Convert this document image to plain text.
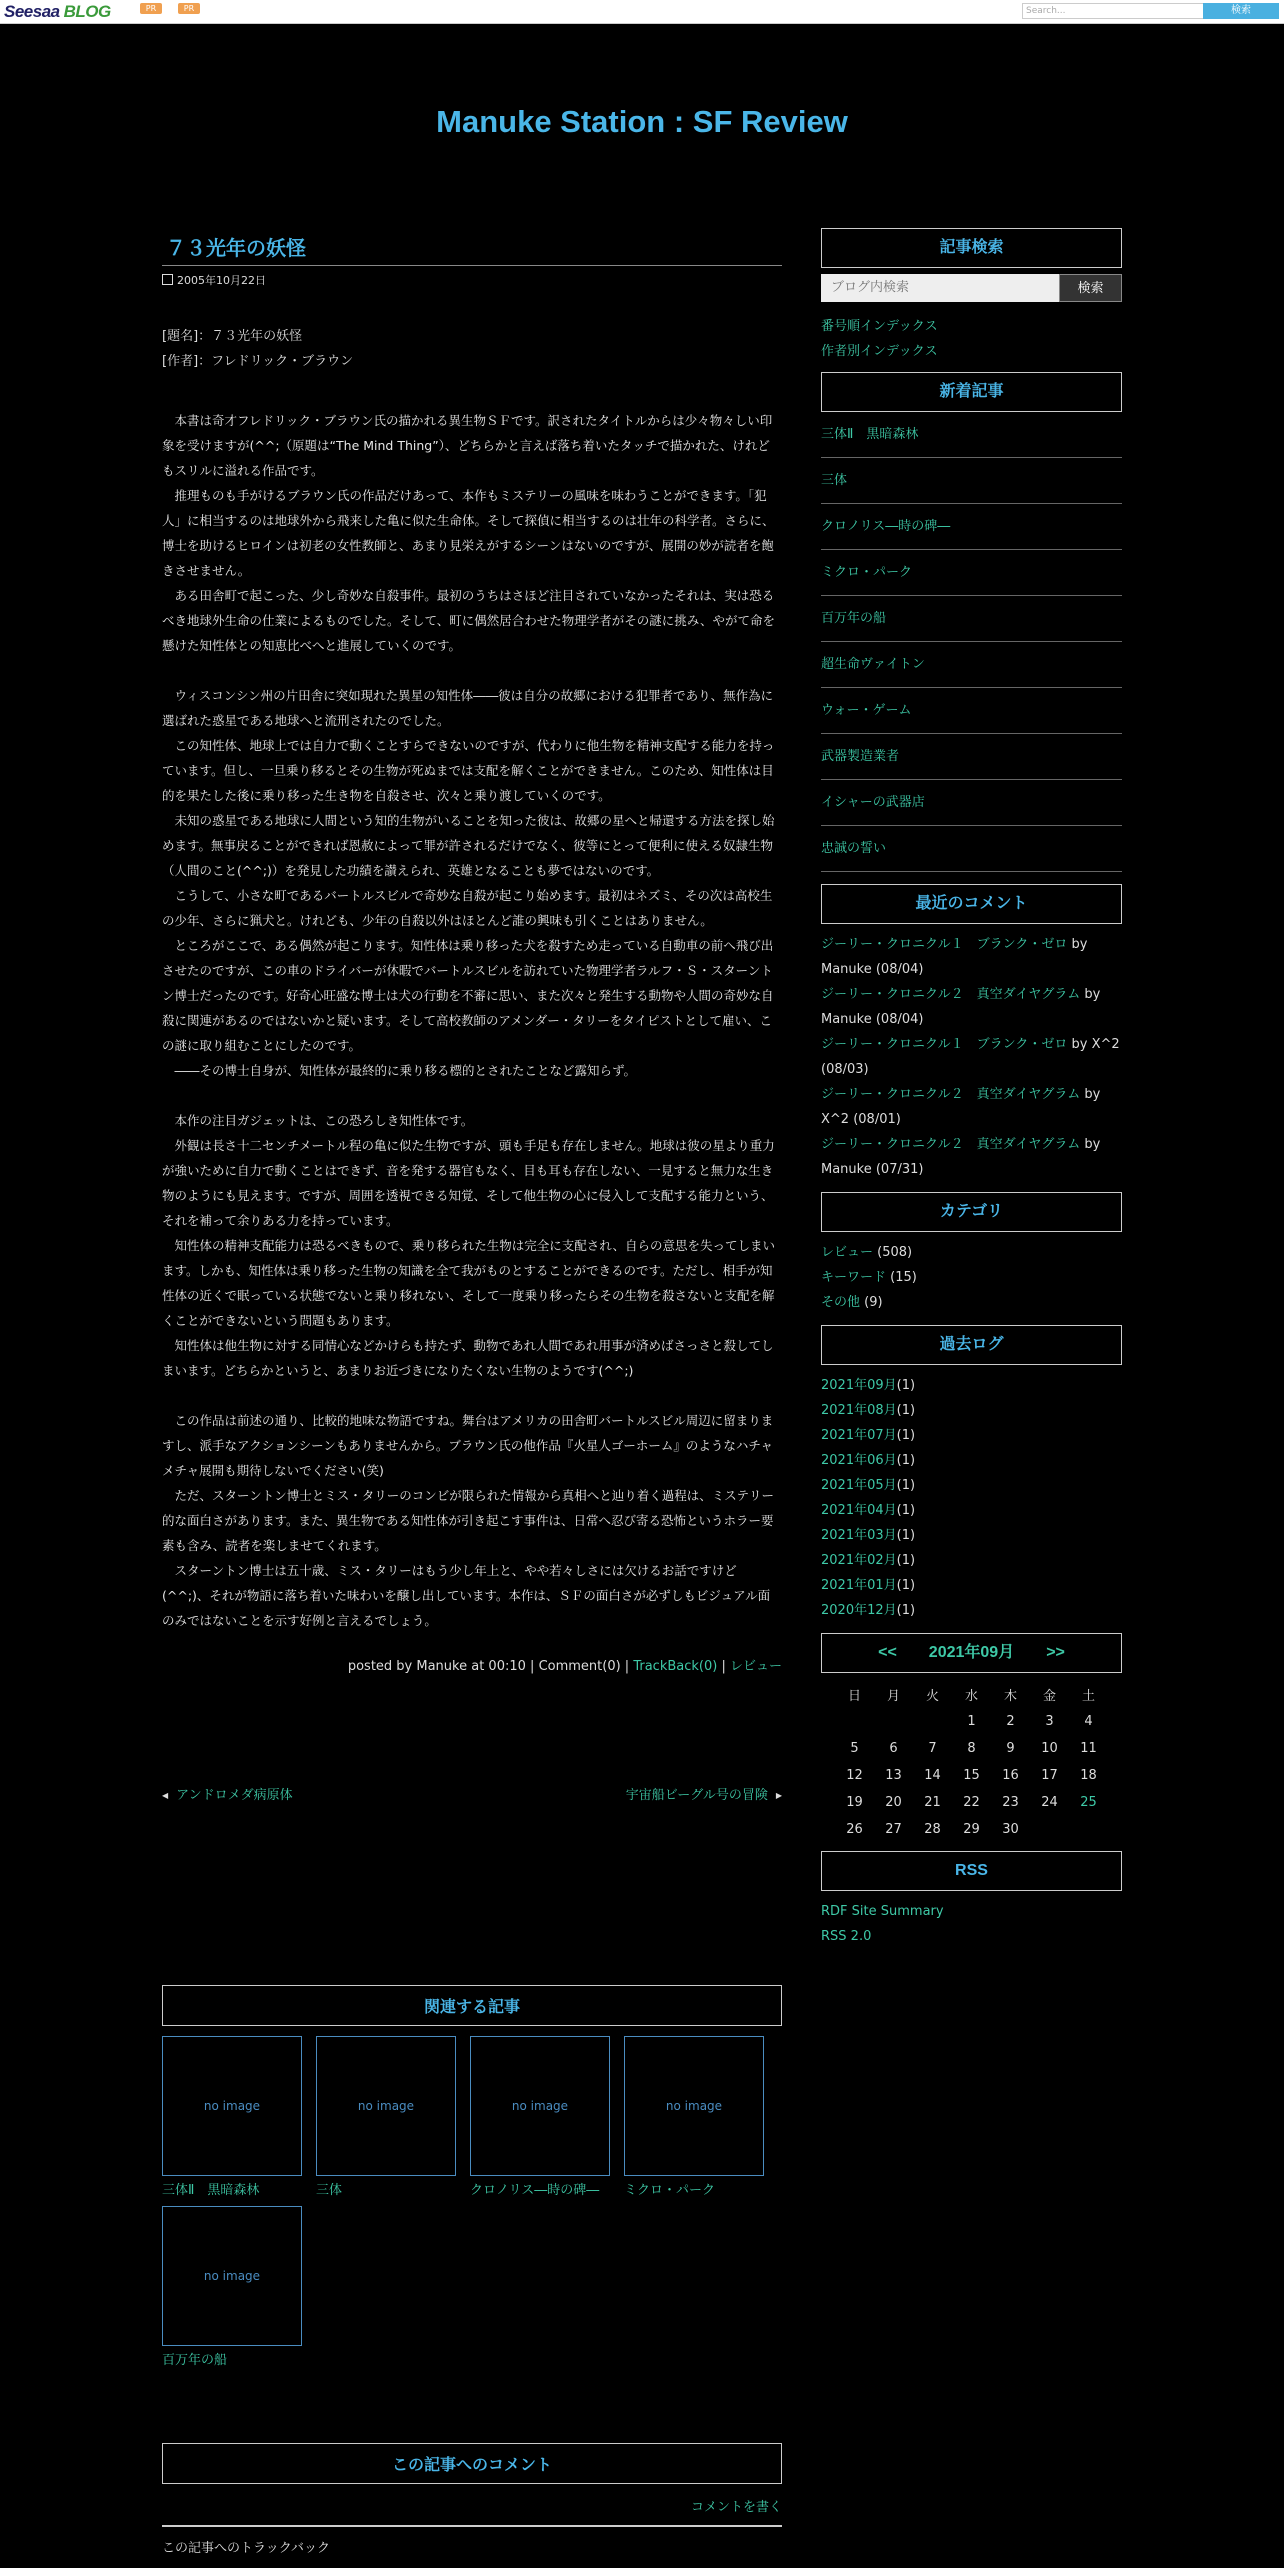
Seesaa BLOG	PR	PR	Search...	検索
Manuke Station : SF Review
７３光年の妖怪
2005年10月22日
[題名]：７３光年の妖怪
[作者]：フレドリック・ブラウン

本書は奇才フレドリック・ブラウン氏の描かれる異生物ＳＦです。訳されたタイトルからは少々物々しい印象を受けますが(^^;（原題は“The Mind Thing”）、どちらかと言えば落ち着いたタッチで描かれた、けれどもスリルに溢れる作品です。

推理ものも手がけるブラウン氏の作品だけあって、本作もミステリーの風味を味わうことができます。「犯人」に相当するのは地球外から飛来した亀に似た生命体。そして探偵に相当するのは壮年の科学者。さらに、博士を助けるヒロインは初老の女性教師と、あまり見栄えがするシーンはないのですが、展開の妙が読者を飽きさせません。

ある田舎町で起こった、少し奇妙な自殺事件。最初のうちはさほど注目されていなかったそれは、実は恐るべき地球外生命の仕業によるものでした。そして、町に偶然居合わせた物理学者がその謎に挑み、やがて命を懸けた知性体との知恵比べへと進展していくのです。

ウィスコンシン州の片田舎に突如現れた異星の知性体――彼は自分の故郷における犯罪者であり、無作為に選ばれた惑星である地球へと流刑されたのでした。

この知性体、地球上では自力で動くことすらできないのですが、代わりに他生物を精神支配する能力を持っています。但し、一旦乗り移るとその生物が死ぬまでは支配を解くことができません。このため、知性体は目的を果たした後に乗り移った生き物を自殺させ、次々と乗り渡していくのです。

未知の惑星である地球に人間という知的生物がいることを知った彼は、故郷の星へと帰還する方法を探し始めます。無事戻ることができれば恩赦によって罪が許されるだけでなく、彼等にとって便利に使える奴隷生物（人間のこと(^^;)）を発見した功績を讃えられ、英雄となることも夢ではないのです。

こうして、小さな町であるバートルスビルで奇妙な自殺が起こり始めます。最初はネズミ、その次は高校生の少年、さらに猟犬と。けれども、少年の自殺以外はほとんど誰の興味も引くことはありません。

ところがここで、ある偶然が起こります。知性体は乗り移った犬を殺すため走っている自動車の前へ飛び出させたのですが、この車のドライバーが休暇でバートルスビルを訪れていた物理学者ラルフ・Ｓ・スターントン博士だったのです。好奇心旺盛な博士は犬の行動を不審に思い、また次々と発生する動物や人間の奇妙な自殺に関連があるのではないかと疑います。そして高校教師のアメンダー・タリーをタイピストとして雇い、この謎に取り組むことにしたのです。

――その博士自身が、知性体が最終的に乗り移る標的とされたことなど露知らず。

本作の注目ガジェットは、この恐ろしき知性体です。

外観は長さ十二センチメートル程の亀に似た生物ですが、頭も手足も存在しません。地球は彼の星より重力が強いために自力で動くことはできず、音を発する器官もなく、目も耳も存在しない、一見すると無力な生き物のようにも見えます。ですが、周囲を透視できる知覚、そして他生物の心に侵入して支配する能力という、それを補って余りある力を持っています。

知性体の精神支配能力は恐るべきもので、乗り移られた生物は完全に支配され、自らの意思を失ってしまいます。しかも、知性体は乗り移った生物の知識を全て我がものとすることができるのです。ただし、相手が知性体の近くで眠っている状態でないと乗り移れない、そして一度乗り移ったらその生物を殺さないと支配を解くことができないという問題もあります。

知性体は他生物に対する同情心などかけらも持たず、動物であれ人間であれ用事が済めばさっさと殺してしまいます。どちらかというと、あまりお近づきになりたくない生物のようです(^^;)

この作品は前述の通り、比較的地味な物語ですね。舞台はアメリカの田舎町バートルスビル周辺に留まりますし、派手なアクションシーンもありませんから。ブラウン氏の他作品『火星人ゴーホーム』のようなハチャメチャ展開も期待しないでください(笑)

ただ、スターントン博士とミス・タリーのコンビが限られた情報から真相へと辿り着く過程は、ミステリー的な面白さがあります。また、異生物である知性体が引き起こす事件は、日常へ忍び寄る恐怖というホラー要素も含み、読者を楽しませてくれます。

スターントン博士は五十歳、ミス・タリーはもう少し年上と、やや若々しさには欠けるお話ですけど(^^;)、それが物語に落ち着いた味わいを醸し出しています。本作は、ＳＦの面白さが必ずしもビジュアル面のみではないことを示す好例と言えるでしょう。

posted by Manuke at 00:10 | Comment(0) | TrackBack(0) | レビュー
◀ アンドロメダ病原体	宇宙船ビーグル号の冒険 ▶
関連する記事
no image
三体Ⅱ　黒暗森林
no image
三体
no image
クロノリス―時の碑―
no image
ミクロ・パーク
no image
百万年の船
この記事へのコメント
コメントを書く
この記事へのトラックバック
記事検索
ブログ内検索	検索
番号順インデックス
作者別インデックス
新着記事
三体Ⅱ　黒暗森林
三体
クロノリス―時の碑―
ミクロ・パーク
百万年の船
超生命ヴァイトン
ウォー・ゲーム
武器製造業者
イシャーの武器店
忠誠の誓い
最近のコメント
ジーリー・クロニクル１　ブランク・ゼロ by Manuke (08/04)
ジーリー・クロニクル２　真空ダイヤグラム by Manuke (08/04)
ジーリー・クロニクル１　ブランク・ゼロ by X^2 (08/03)
ジーリー・クロニクル２　真空ダイヤグラム by X^2 (08/01)
ジーリー・クロニクル２　真空ダイヤグラム by Manuke (07/31)
カテゴリ
レビュー (508)
キーワード (15)
その他 (9)
過去ログ
2021年09月(1)
2021年08月(1)
2021年07月(1)
2021年06月(1)
2021年05月(1)
2021年04月(1)
2021年03月(1)
2021年02月(1)
2021年01月(1)
2020年12月(1)
<< 2021年09月 >>
日	月	火	水	木	金	土
			1	2	3	4
5	6	7	8	9	10	11
12	13	14	15	16	17	18
19	20	21	22	23	24	25
26	27	28	29	30		
RSS
RDF Site Summary
RSS 2.0
